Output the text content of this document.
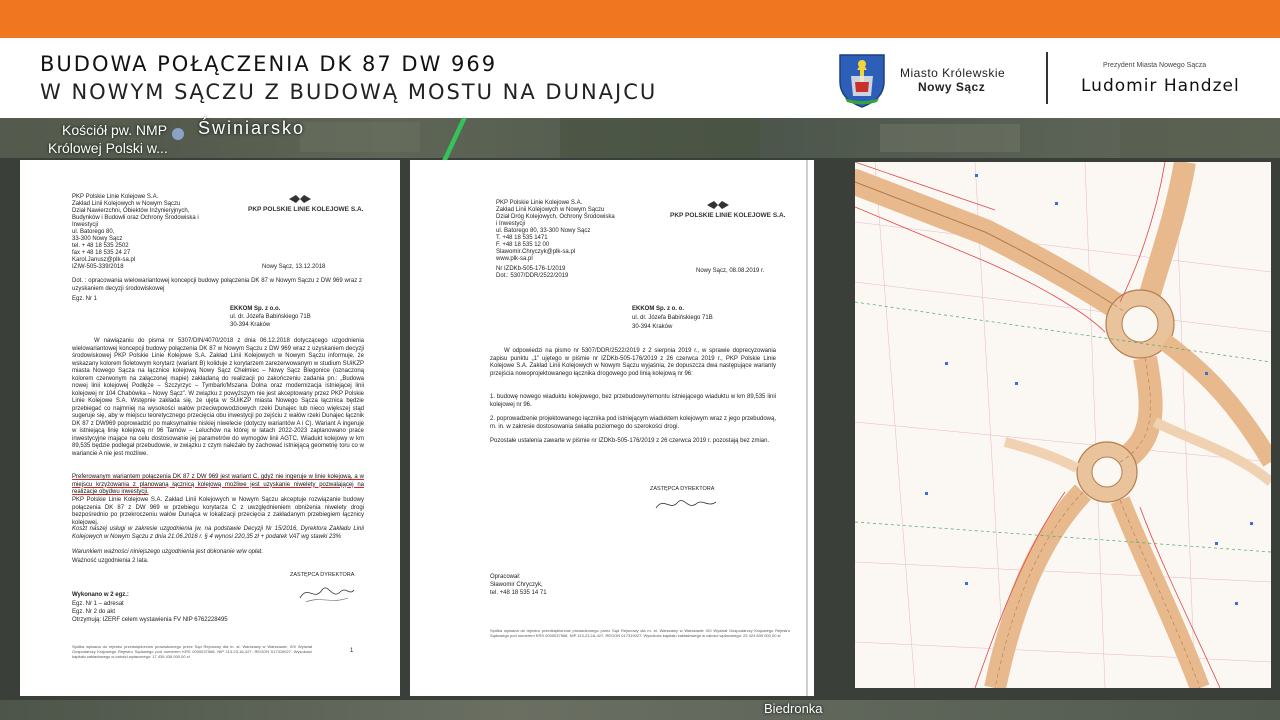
BUDOWA POŁĄCZENIA DK 87 DW 969
W NOWYM SĄCZU Z BUDOWĄ MOSTU NA DUNAJCU
Miasto Królewskie
Nowy Sącz
Prezydent Miasta Nowego Sącza
Ludomir Handzel
Kościół pw. NMP
Królowej Polski w...
Świniarsko
Biedronka
PKP Polskie Linie Kolejowe S.A.
Zakład Linii Kolejowych w Nowym Sączu
Dział Nawierzchni, Obiektów Inżynieryjnych,
Budynków i Budowli oraz Ochrony Środowiska i
Inwestycji
ul. Batorego 80,
33-300 Nowy Sącz
tel. + 48 18 535 2502
fax + 48 18 535 24 27
Karol.Janusz@plk-sa.pl
PKP POLSKIE LINIE KOLEJOWE S.A.
IZIW-505-339/2018	Nowy Sącz, 13.12.2018
Dot. : opracowania wielowariantowej koncepcji budowy połączenia DK 87 w Nowym Sączu z DW 969 wraz z uzyskaniem decyzji środowiskowej
Egz. Nr 1
EKKOM Sp. z o.o.
ul. dr. Józefa Babińskiego 71B
30-394 Kraków
W nawiązaniu do pisma nr 5307/DIN/4070/2018 z dnia 06.12.2018 dotyczącego uzgodnienia wielowariantowej koncepcji budowy połączenia DK 87 w Nowym Sączu z DW 969 wraz z uzyskaniem decyzji środowiskowej PKP Polskie Linie Kolejowe S.A. Zakład Linii Kolejowych w Nowym Sączu informuje, że wskazany kolorem fioletowym korytarz (wariant B) koliduje z korytarzem zarezerwowanym w studium SUiKZP miasta Nowego Sącza na łącznice kolejową Nowy Sącz Chełmiec – Nowy Sącz Biegonice (oznaczoną kolorem czerwonym na załączonej mapie) zakładaną do realizacji po zakończeniu zadania pn.: „Budowa nowej linii kolejowej Podłęże – Szczyrzyc – Tymbark/Mszana Dolna oraz modernizacja istniejącej linii kolejowej nr 104 Chabówka – Nowy Sącz”. W związku z powyższym nie jest akceptowany przez PKP Polskie Linie Kolejowe S.A. Wstępnie zakłada się, że ujęta w SUiKZP miasta Nowego Sącza łącznica będzie przebiegać co najmniej na wysokości wałów przeciwpowodziowych rzeki Dunajec lub nieco większej stąd sugeruje się, aby w miejscu teoretycznego przecięcia obu inwestycji po zejściu z wałów rzeki Dunajec łącznik DK 87 z DW969 poprowadzić po maksymalnie niskiej niwelecie (dotyczy wariantów A i C). Wariant A ingeruje w istniejącą linię kolejową nr 96 Tarnów – Leluchów na której w latach 2022-2023 zaplanowano prace inwestycyjne mające na celu dostosowanie jej parametrów do wymogów linii AGTC. Wiadukt kolejowy w km 89,535 będzie podlegał przebudowie, w związku z czym należało by zachować istniejącą geometrię toru co w wariancie A nie jest możliwe.
Preferowanym wariantem połączenia DK 87 z DW 969 jest wariant C, gdyż nie ingeruje w linie kolejową, a w miejscu krzyżowania z planowaną łącznicą kolejową możliwe jest uzyskanie niwelety pozwalającej na realizacje obydwu inwestycji.
PKP Polskie Linie Kolejowe S.A. Zakład Linii Kolejowych w Nowym Sączu akceptuje rozwiązanie budowy połączenia DK 87 z DW 969 w przebiegu korytarza C z uwzględnieniem obniżenia niwelety drogi bezpośrednio po przekroczeniu wałów Dunajca w lokalizacji przecięcia z zakładanym przebiegiem łącznicy kolejowej.
Koszt naszej usługi w zakresie uzgodnienia jw. na podstawie Decyzji Nr 15/2016, Dyrektora Zakładu Linii Kolejowych w Nowym Sączu z dnia 21.06.2016 r. § 4 wynosi 220,35 zł + podatek VAT wg stawki 23%
Warunkiem ważności niniejszego uzgodnienia jest dokonanie w/w opłat.
Ważność uzgodnienia 2 lata.
ZASTĘPCA DYREKTORA
Wykonano w 2 egz.:
Egz. Nr 1 – adresat
Egz. Nr 2 do akt
Otrzymują: IZERF celem wystawienia FV NIP 6762228495
Spółka wpisana do rejestru przedsiębiorców prowadzonego przez Sąd Rejonowy dla m. st. Warszawy w Warszawie, XIV Wydział Gospodarczy Krajowego Rejestru Sądowego pod numerem KRS 0000037568, NIP 113-23-16-427, REGON 017319027. Wysokość kapitału zakładowego w całości wpłaconego: 17 436 436 000,00 zł
1
PKP Polskie Linie Kolejowe S.A.
Zakład Linii Kolejowych w Nowym Sączu
Dział Dróg Kolejowych, Ochrony Środowiska
i Inwestycji
ul. Batorego 80, 33-300 Nowy Sącz
T. +48 18 535 1471
F. +48 18 535 12 00
Slawomir.Chryczyk@plk-sa.pl
www.plk-sa.pl
PKP POLSKIE LINIE KOLEJOWE S.A.
Nr IZDKb-505-176-1/2019
Dot.: 5307/DDR/2522/2019
Nowy Sącz, 08.08.2019 r.
EKKOM Sp. z o. o.
ul. dr. Józefa Babińskiego 71B
30-394 Kraków
W odpowiedzi na pismo nr 5307/DDR/2522/2019 z 2 sierpnia 2019 r., w sprawie doprecyzowania zapisu punktu „1” ujętego w piśmie nr IZDKb-505-176/2019 z 26 czerwca 2019 r., PKP Polskie Linie Kolejowe S.A. Zakład Linii Kolejowych w Nowym Sączu wyjaśnia, że dopuszcza dwa następujące warianty przejścia nowoprojektowanego łącznika drogowego pod linią kolejową nr 96:
1. budowę nowego wiaduktu kolejowego, bez przebudowy/remontu istniejącego wiaduktu w km 89,535 linii kolejowej nr 96.
2. poprowadzenie projektowanego łącznika pod istniejącym wiaduktem kolejowym wraz z jego przebudową, m. in. w zakresie dostosowania światła poziomego do szerokości drogi.
Pozostałe ustalenia zawarte w piśmie nr IZDKb-505-176/2019 z 26 czerwca 2019 r. pozostają bez zmian.
ZASTĘPCA DYREKTORA
Opracował:
Sławomir Chryczyk,
tel. +48 18 535 14 71
Spółka wpisana do rejestru przedsiębiorców prowadzonego przez Sąd Rejonowy dla m. st. Warszawy w Warszawie XIII Wydział Gospodarczy Krajowego Rejestru Sądowego pod numerem KRS 0000037568, NIP 113-23-16-427, REGON 017319027. Wysokość kapitału zakładowego w całości wpłaconego: 23 424 839 000,00 zł
